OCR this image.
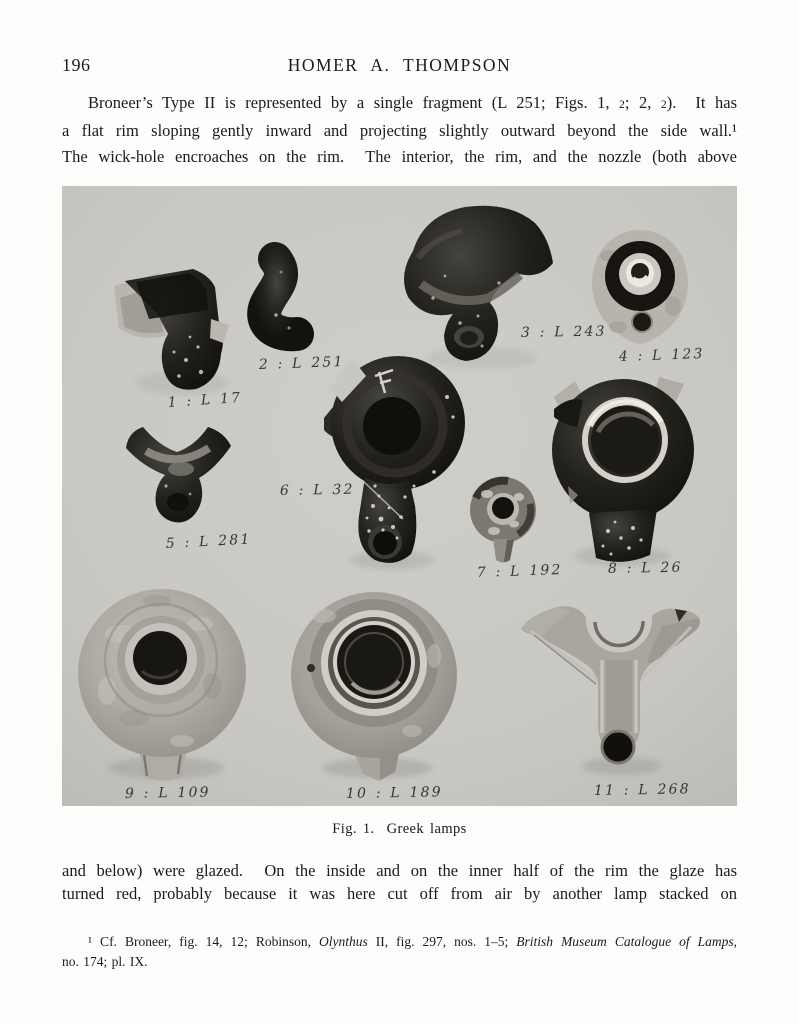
196	HOMER A. THOMPSON
Broneer’s Type II is represented by a single fragment (L 251; Figs. 1, 2; 2, 2).  It has
a flat rim sloping gently inward and projecting slightly outward beyond the side wall.¹
The wick-hole encroaches on the rim.  The interior, the rim, and the nozzle (both above
1 : L 17
2 : L 251
3 : L 243
4 : L 123
5 : L 281
6 : L 32
7 : L 192	8 : L 26
9 : L 109	10 : L 189	11 : L 268
Fig. 1.  Greek lamps
and below) were glazed.  On the inside and on the inner half of the rim the glaze has
turned red, probably because it was here cut off from air by another lamp stacked on
¹ Cf. Broneer, fig. 14, 12; Robinson, Olynthus II, fig. 297, nos. 1–5; British Museum Catalogue of Lamps,
no. 174; pl. IX.
